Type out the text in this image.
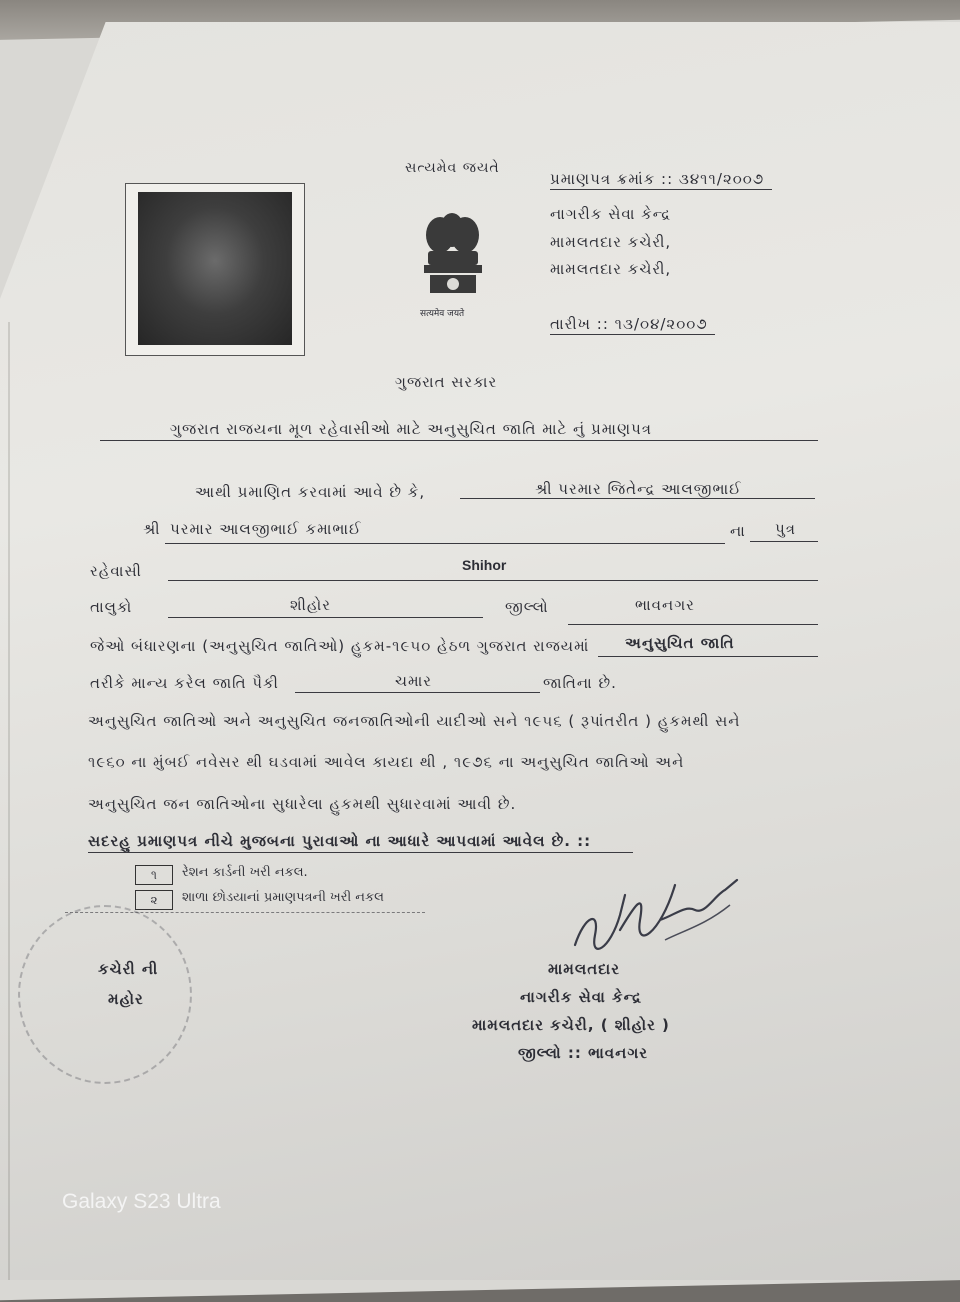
સત્યમેવ જયતે
सत्यमेव जयते
પ્રમાણપત્ર ક્રમાંક :: ૩૪૧૧/૨૦૦૭
નાગરીક સેવા કેન્દ્ર
મામલતદાર કચેરી,
મામલતદાર કચેરી,
તારીખ :: ૧૩/૦૪/૨૦૦૭
ગુજરાત સરકાર
ગુજરાત રાજયના મૂળ રહેવાસીઓ માટે અનુસુચિત જાતિ માટે નું પ્રમાણપત્ર
આથી પ્રમાણિત કરવામાં આવે છે કે,	શ્રી પરમાર જિતેન્દ્ર આલજીભાઈ
શ્રી પરમાર આલજીભાઈ કમાભાઈ	ના પુત્ર
રહેવાસી	Shihor
તાલુકો	શીહોર	જીલ્લો	ભાવનગર
જેઓ બંધારણના (અનુસુચિત જાતિઓ) હુકમ-૧૯૫૦ હેઠળ ગુજરાત રાજયમાં અનુસુચિત જાતિ
તરીકે માન્ય કરેલ જાતિ પૈકી	ચમાર	જાતિના છે.
અનુસુચિત જાતિઓ અને અનુસુચિત જનજાતિઓની યાદીઓ સને ૧૯૫૬ ( રૂપાંતરીત ) હુકમથી સને
૧૯૬૦ ના મુંબઈ નવેસર થી ઘડવામાં આવેલ કાયદા થી , ૧૯૭૬ ના અનુસુચિત જાતિઓ અને
અનુસુચિત જન જાતિઓના સુધારેલા હુકમથી સુધારવામાં આવી છે.
સદરહુ પ્રમાણપત્ર નીચે મુજબના પુરાવાઓ ના આધારે આપવામાં આવેલ છે. ::
૧	રેશન કાર્ડની ખરી નકલ.
૨	શાળા છોડયાનાં પ્રમાણપત્રની ખરી નકલ
કચેરી ની
મહોર
મામલતદાર
નાગરીક સેવા કેન્દ્ર
મામલતદાર કચેરી, ( શીહોર )
જીલ્લો :: ભાવનગર
Galaxy S23 Ultra
